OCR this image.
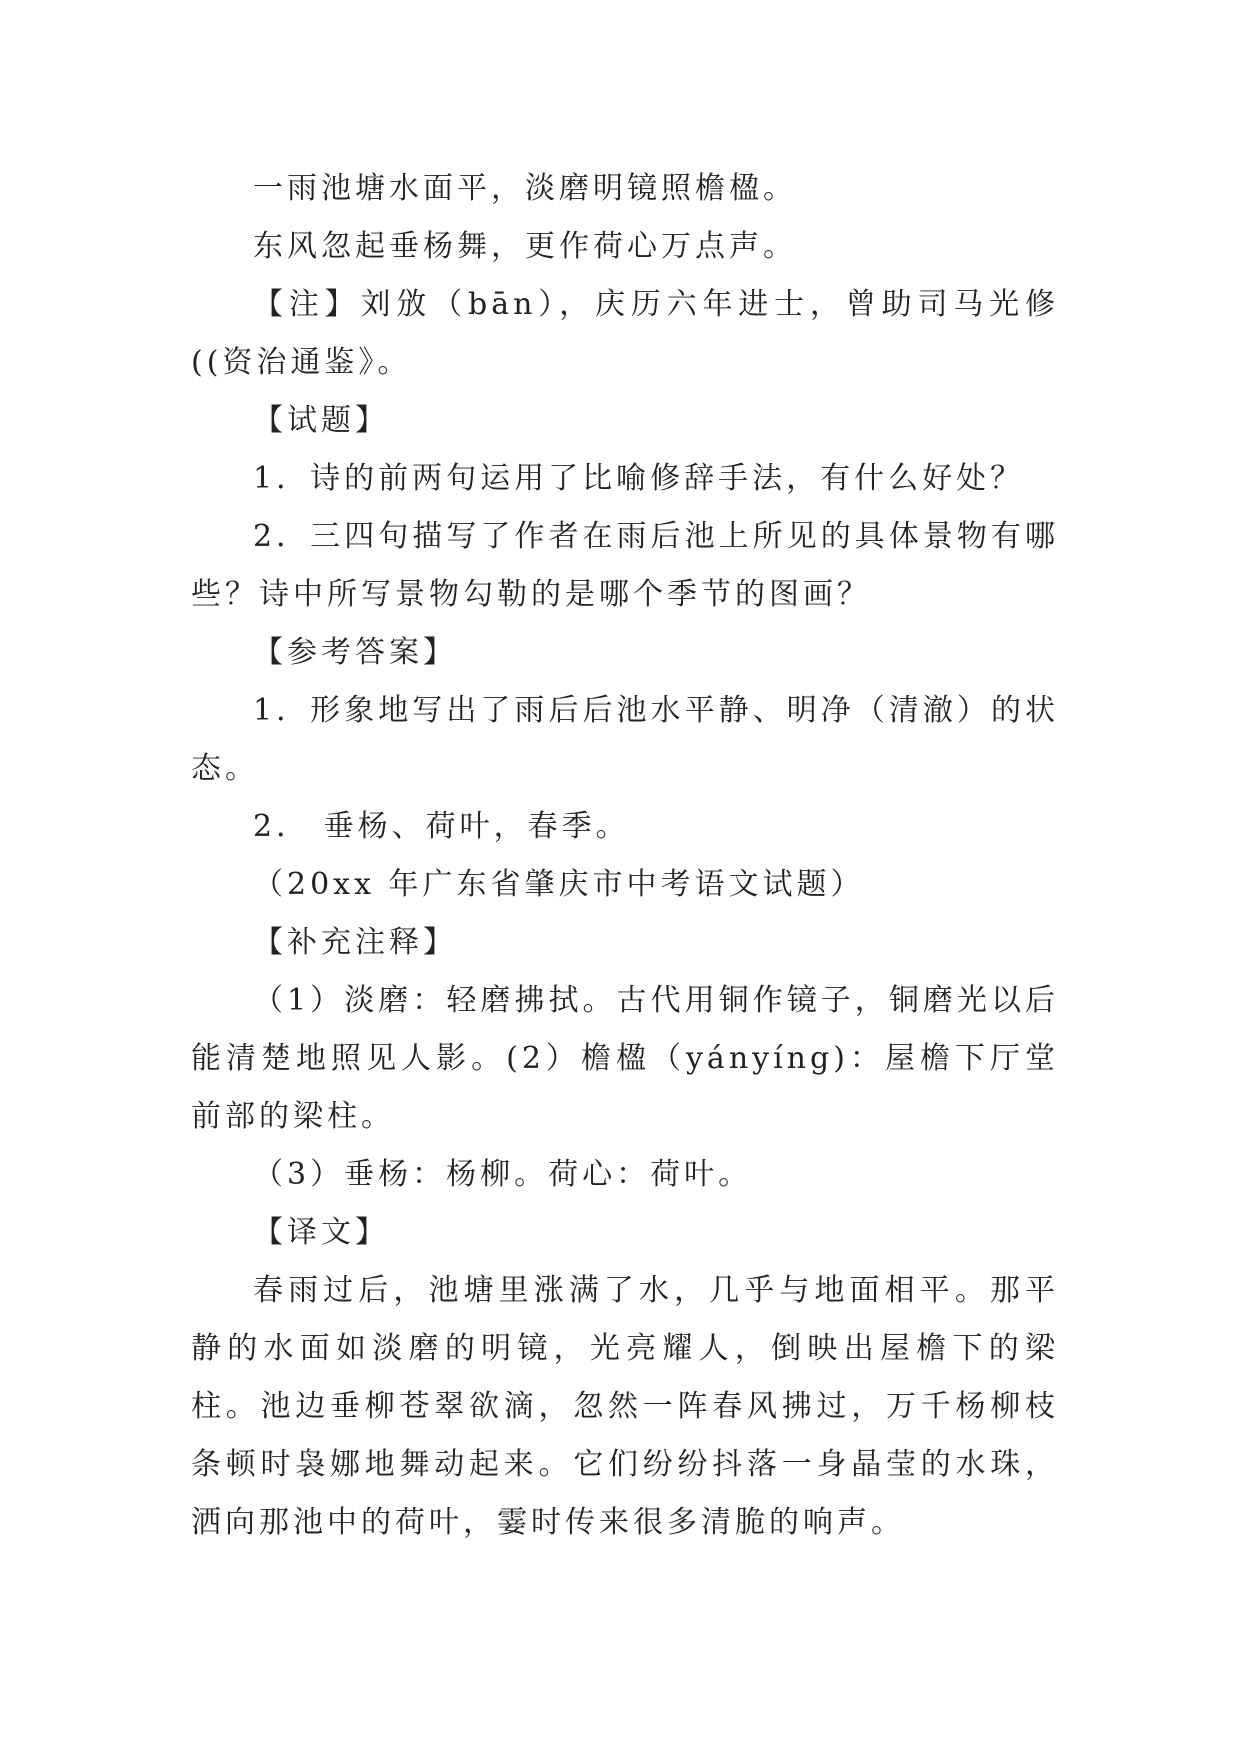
一雨池塘水面平，淡磨明镜照檐楹。

东风忽起垂杨舞，更作荷心万点声。

【注】刘攽（bān），庆历六年进士，曾助司马光修((资治通鉴》。

【试题】

1．诗的前两句运用了比喻修辞手法，有什么好处？

2．三四句描写了作者在雨后池上所见的具体景物有哪些？诗中所写景物勾勒的是哪个季节的图画？

【参考答案】

1．形象地写出了雨后后池水平静、明净（清澈）的状态。

2． 垂杨、荷叶，春季。

（20xx 年广东省肇庆市中考语文试题）

【补充注释】

（1）淡磨：轻磨拂拭。古代用铜作镜子，铜磨光以后能清楚地照见人影。(2）檐楹（yányíng)：屋檐下厅堂前部的梁柱。

（3）垂杨：杨柳。荷心：荷叶。

【译文】

春雨过后，池塘里涨满了水，几乎与地面相平。那平静的水面如淡磨的明镜，光亮耀人，倒映出屋檐下的梁柱。池边垂柳苍翠欲滴，忽然一阵春风拂过，万千杨柳枝条顿时袅娜地舞动起来。它们纷纷抖落一身晶莹的水珠，洒向那池中的荷叶，霎时传来很多清脆的响声。
